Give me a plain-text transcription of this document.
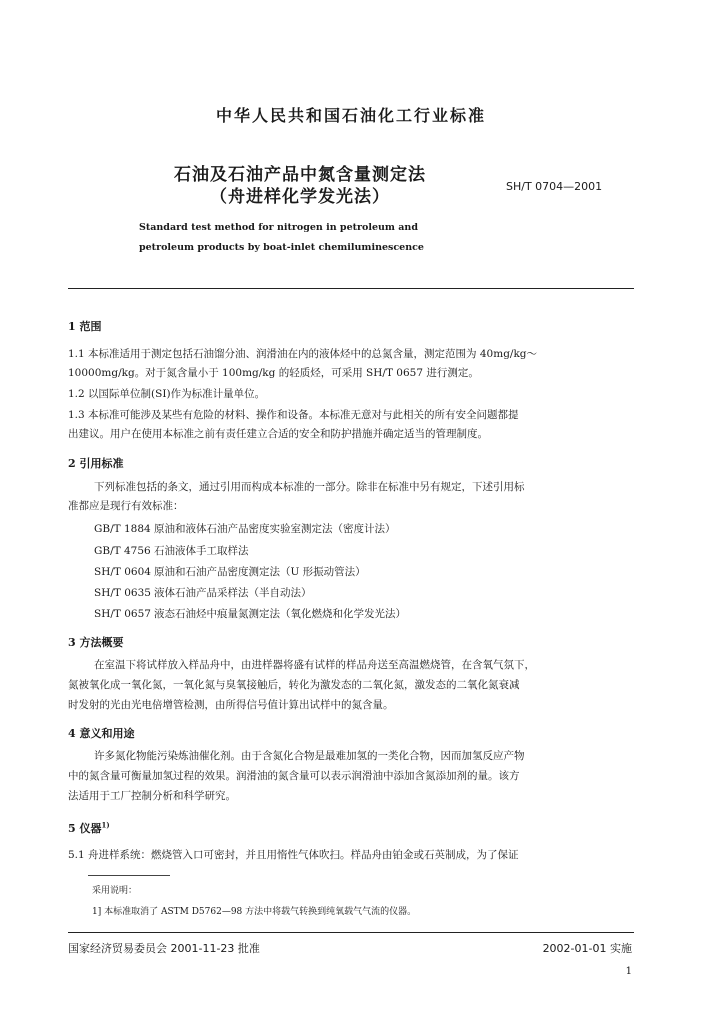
中华人民共和国石油化工行业标准
石油及石油产品中氮含量测定法
（舟进样化学发光法）
SH/T 0704—2001
Standard test method for nitrogen in petroleum and
petroleum products by boat-inlet chemiluminescence
1 范围
1.1 本标准适用于测定包括石油馏分油、润滑油在内的液体烃中的总氮含量，测定范围为 40mg/kg～
10000mg/kg。对于氮含量小于 100mg/kg 的轻质烃，可采用 SH/T 0657 进行测定。
1.2 以国际单位制(SI)作为标准计量单位。
1.3 本标准可能涉及某些有危险的材料、操作和设备。本标准无意对与此相关的所有安全问题都提
出建议。用户在使用本标准之前有责任建立合适的安全和防护措施并确定适当的管理制度。
2 引用标准
下列标准包括的条文，通过引用而构成本标准的一部分。除非在标准中另有规定，下述引用标
准都应是现行有效标准：
GB/T 1884 原油和液体石油产品密度实验室测定法（密度计法）
GB/T 4756 石油液体手工取样法
SH/T 0604 原油和石油产品密度测定法（U 形振动管法）
SH/T 0635 液体石油产品采样法（半自动法）
SH/T 0657 液态石油烃中痕量氮测定法（氧化燃烧和化学发光法）
3 方法概要
在室温下将试样放入样品舟中，由进样器将盛有试样的样品舟送至高温燃烧管，在含氧气氛下，
氮被氧化成一氧化氮，一氧化氮与臭氧接触后，转化为激发态的二氧化氮，激发态的二氧化氮衰减
时发射的光由光电倍增管检测，由所得信号值计算出试样中的氮含量。
4 意义和用途
许多氮化物能污染炼油催化剂。由于含氮化合物是最难加氢的一类化合物，因而加氢反应产物
中的氮含量可衡量加氢过程的效果。润滑油的氮含量可以表示润滑油中添加含氮添加剂的量。该方
法适用于工厂控制分析和科学研究。
5 仪器$^{1)}$
5.1 舟进样系统：燃烧管入口可密封，并且用惰性气体吹扫。样品舟由铂金或石英制成，为了保证
采用说明：
1] 本标准取消了 ASTM D5762—98 方法中将载气转换到纯氧载气气流的仪器。
国家经济贸易委员会 2001-11-23 批准	2002-01-01 实施
1
